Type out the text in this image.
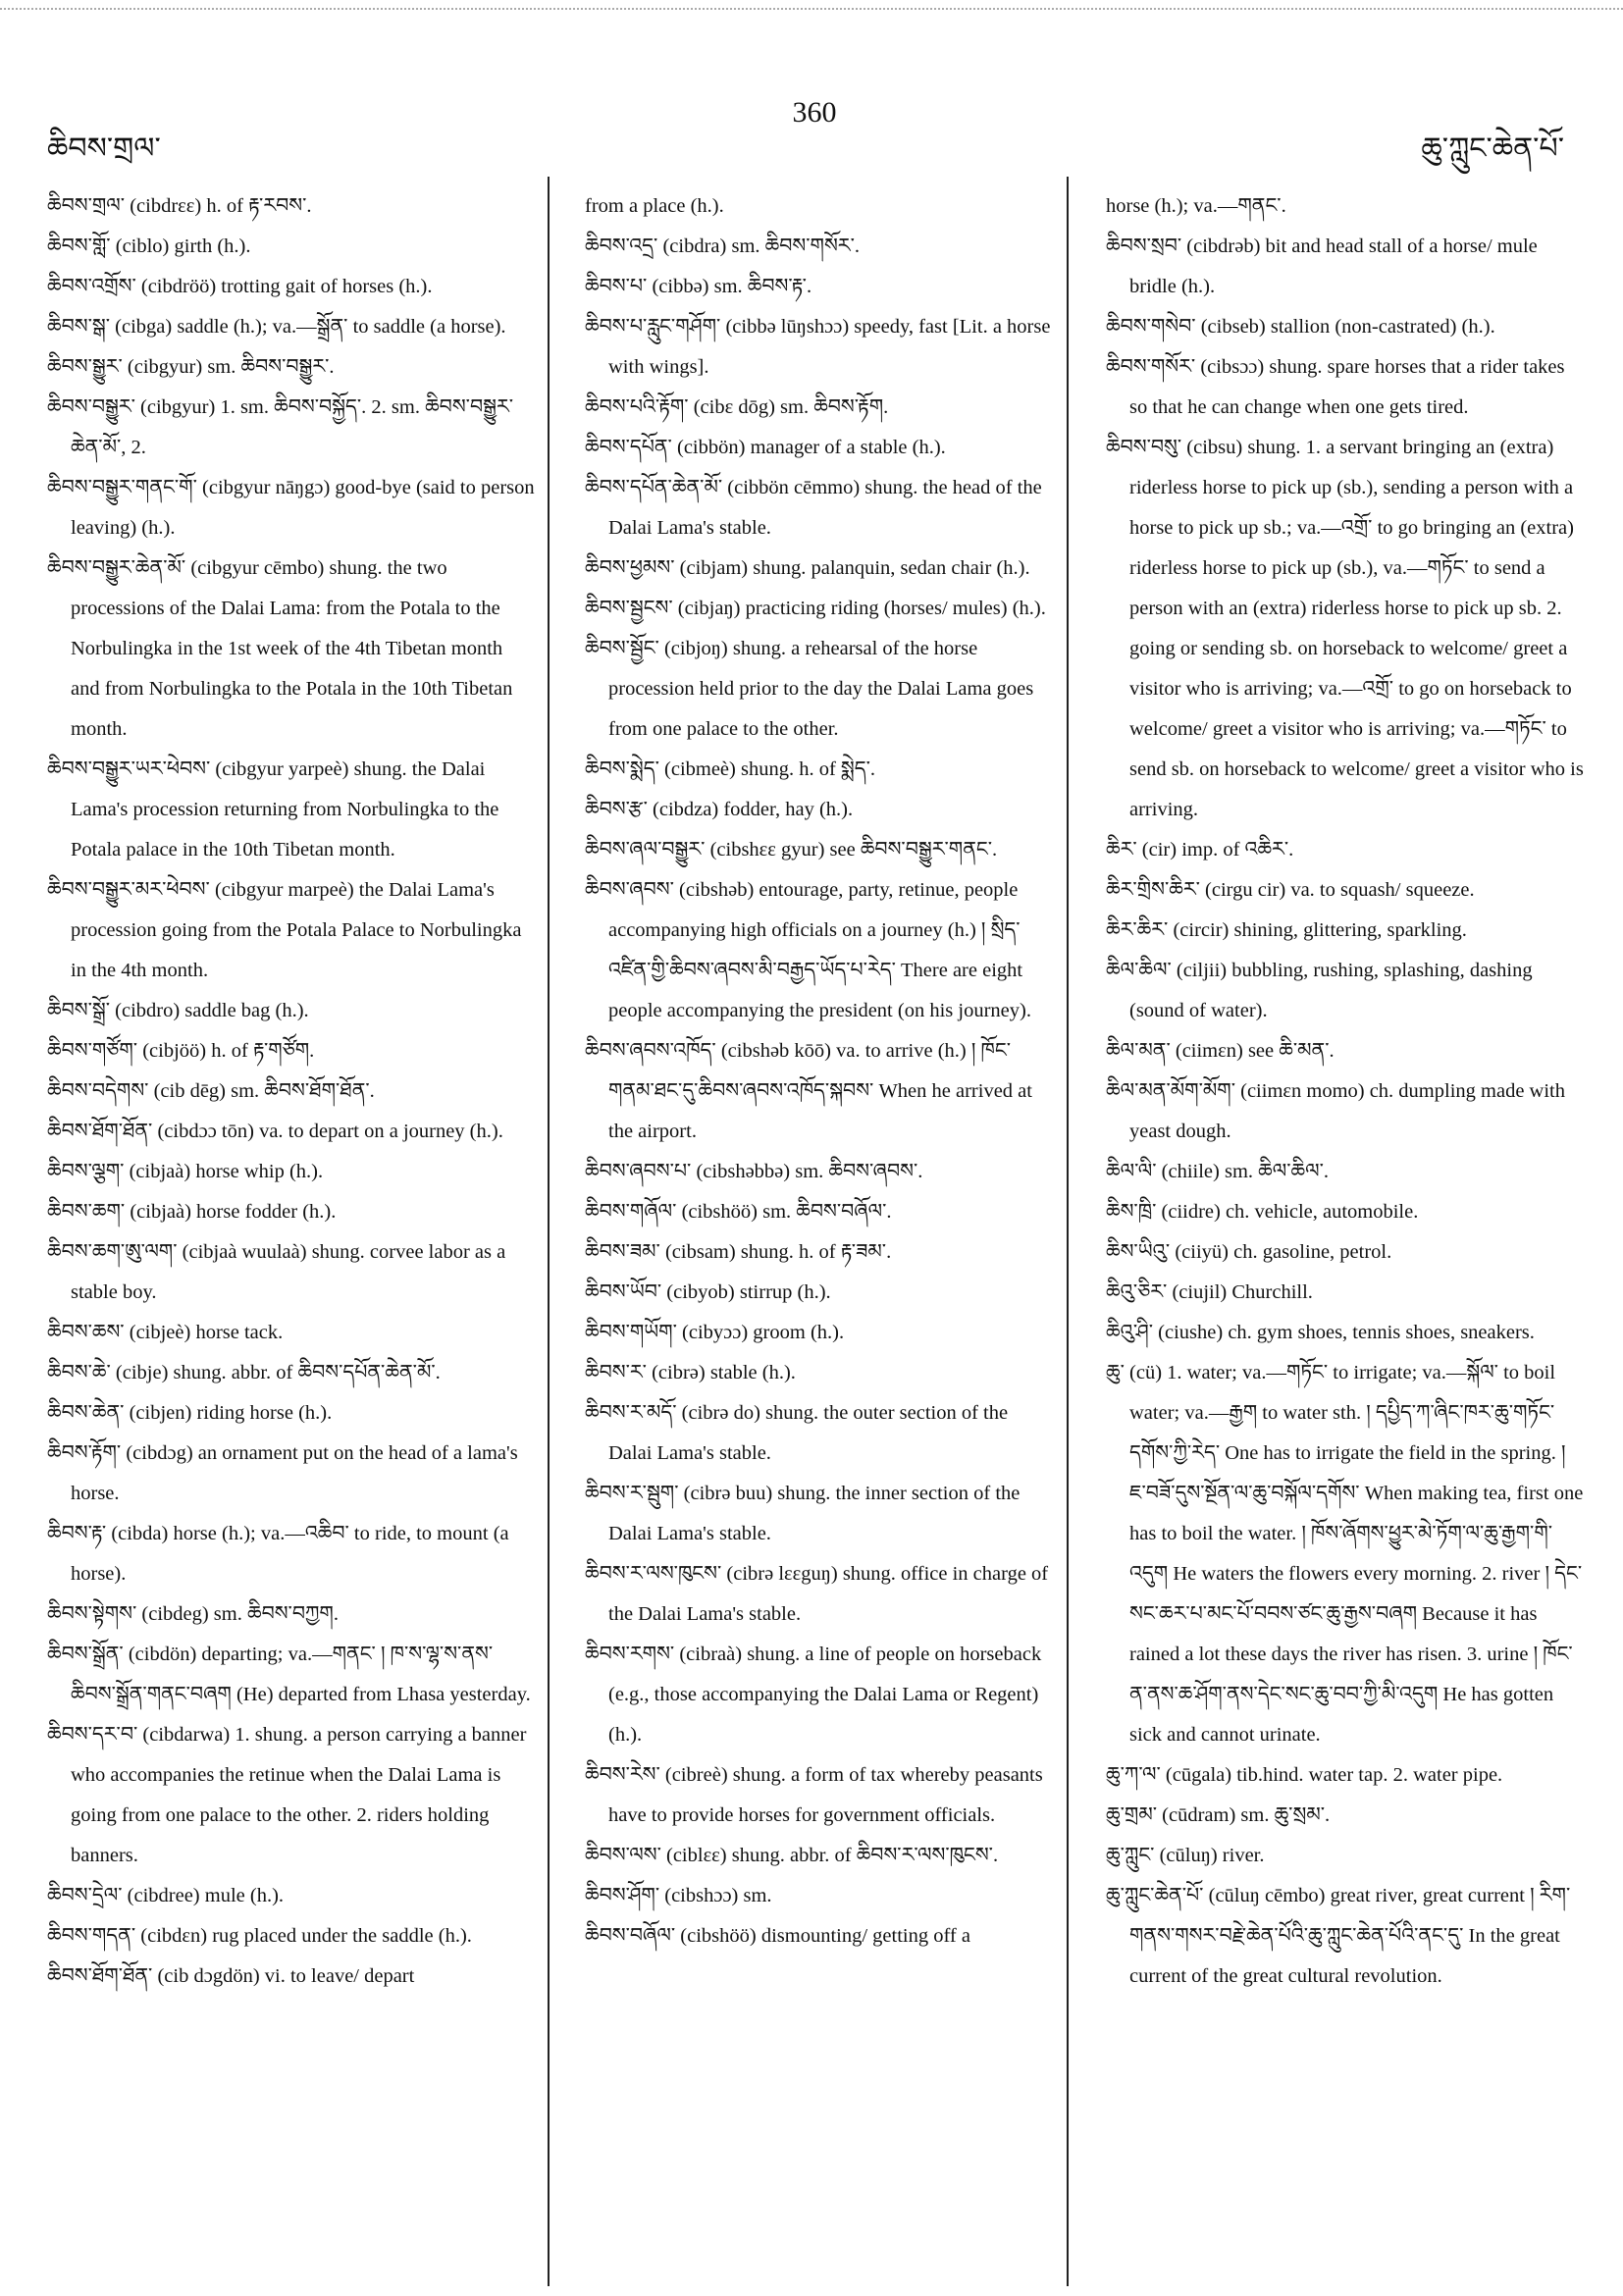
ཆིབས་གྲལ་
360
ཆུ་ཀླུང་ཆེན་པོ་

ཆིབས་གྲལ་ (cibdrɛɛ) h. of རྟ་རབས་.

ཆིབས་གློ་ (ciblo) girth (h.).

ཆིབས་འགྲོས་ (cibdröö) trotting gait of horses (h.).

ཆིབས་སྒ་ (cibga) saddle (h.); va.—སྒྲོན་ to saddle (a horse).

ཆིབས་སྒྱུར་ (cibgyur) sm. ཆིབས་བསྒྱུར་.

ཆིབས་བསྒྱུར་ (cibgyur) 1. sm. ཆིབས་བསྐྱོད་. 2. sm. ཆིབས་བསྒྱུར་ཆེན་མོ་, 2.

ཆིབས་བསྒྱུར་གནང་གོ་ (cibgyur nāŋgɔ) good-bye (said to person leaving) (h.).

ཆིབས་བསྒྱུར་ཆེན་མོ་ (cibgyur cēmbo) shung. the two processions of the Dalai Lama: from the Potala to the Norbulingka in the 1st week of the 4th Tibetan month and from Norbulingka to the Potala in the 10th Tibetan month.

ཆིབས་བསྒྱུར་ཡར་ཕེབས་ (cibgyur yarpeè) shung. the Dalai Lama's procession returning from Norbulingka to the Potala palace in the 10th Tibetan month.

ཆིབས་བསྒྱུར་མར་ཕེབས་ (cibgyur marpeè) the Dalai Lama's procession going from the Potala Palace to Norbulingka in the 4th month.

ཆིབས་སྒྲོ་ (cibdro) saddle bag (h.).

ཆིབས་གཙོག་ (cibjöö) h. of རྟ་གཙོག.

ཆིབས་བདེགས་ (cib dēg) sm. ཆིབས་ཐོག་ཐོན་.

ཆིབས་ཐོག་ཐོན་ (cibdɔɔ tōn) va. to depart on a journey (h.).

ཆིབས་ལྕག་ (cibjaà) horse whip (h.).

ཆིབས་ཆག་ (cibjaà) horse fodder (h.).

ཆིབས་ཆག་ཨུ་ལག་ (cibjaà wuulaà) shung. corvee labor as a stable boy.

ཆིབས་ཆས་ (cibjeè) horse tack.

ཆིབས་ཆེ་ (cibje) shung. abbr. of ཆིབས་དཔོན་ཆེན་མོ་.

ཆིབས་ཆེན་ (cibjen) riding horse (h.).

ཆིབས་རྟོག་ (cibdɔg) an ornament put on the head of a lama's horse.

ཆིབས་རྟ་ (cibda) horse (h.); va.—འཆིབ་ to ride, to mount (a horse).

ཆིབས་སྟེགས་ (cibdeg) sm. ཆིབས་བཀྱག.

ཆིབས་སྒྲོན་ (cibdön) departing; va.—གནང་ ། ཁ་ས་ལྷ་ས་ནས་ཆིབས་སྒྲོན་གནང་བཞག (He) departed from Lhasa yesterday.

ཆིབས་དར་བ་ (cibdarwa) 1. shung. a person carrying a banner who accompanies the retinue when the Dalai Lama is going from one palace to the other. 2. riders holding banners.

ཆིབས་དྲེལ་ (cibdree) mule (h.).

ཆིབས་གདན་ (cibdɛn) rug placed under the saddle (h.).

ཆིབས་ཐོག་ཐོན་ (cib dɔgdön) vi. to leave/ depart

from a place (h.).

ཆིབས་འདྲ་ (cibdra) sm. ཆིབས་གསོར་.

ཆིབས་པ་ (cibbə) sm. ཆིབས་རྟ་.

ཆིབས་པ་རླུང་གཤོག་ (cibbə lūŋshɔɔ) speedy, fast [Lit. a horse with wings].

ཆིབས་པའི་རྟོག་ (cibɛ dōg) sm. ཆིབས་རྟོག.

ཆིབས་དཔོན་ (cibbön) manager of a stable (h.).

ཆིབས་དཔོན་ཆེན་མོ་ (cibbön cēmmo) shung. the head of the Dalai Lama's stable.

ཆིབས་ཕྱམས་ (cibjam) shung. palanquin, sedan chair (h.).

ཆིབས་སྦྱངས་ (cibjaŋ) practicing riding (horses/ mules) (h.).

ཆིབས་སྦྱོང་ (cibjoŋ) shung. a rehearsal of the horse procession held prior to the day the Dalai Lama goes from one palace to the other.

ཆིབས་སྨེད་ (cibmeè) shung. h. of སྨེད་.

ཆིབས་རྩ་ (cibdza) fodder, hay (h.).

ཆིབས་ཞལ་བསྒྱུར་ (cibshɛɛ gyur) see ཆིབས་བསྒྱུར་གནང་.

ཆིབས་ཞབས་ (cibshəb) entourage, party, retinue, people accompanying high officials on a journey (h.) ། སྲིད་འཛིན་གྱི་ཆིབས་ཞབས་མི་བརྒྱད་ཡོད་པ་རེད་ There are eight people accompanying the president (on his journey).

ཆིབས་ཞབས་འཁོད་ (cibshəb kōō) va. to arrive (h.) ། ཁོང་གནམ་ཐང་དུ་ཆིབས་ཞབས་འཁོད་སྐབས་ When he arrived at the airport.

ཆིབས་ཞབས་པ་ (cibshəbbə) sm. ཆིབས་ཞབས་.

ཆིབས་གཞོལ་ (cibshöö) sm. ཆིབས་བཞོལ་.

ཆིབས་ཟམ་ (cibsam) shung. h. of རྟ་ཟམ་.

ཆིབས་ཡོབ་ (cibyob) stirrup (h.).

ཆིབས་གཡོག་ (cibyɔɔ) groom (h.).

ཆིབས་ར་ (cibrə) stable (h.).

ཆིབས་ར་མདོ་ (cibrə do) shung. the outer section of the Dalai Lama's stable.

ཆིབས་ར་སྦུག་ (cibrə buu) shung. the inner section of the Dalai Lama's stable.

ཆིབས་ར་ལས་ཁུངས་ (cibrə lɛɛguŋ) shung. office in charge of the Dalai Lama's stable.

ཆིབས་རགས་ (cibraà) shung. a line of people on horseback (e.g., those accompanying the Dalai Lama or Regent) (h.).

ཆིབས་རེས་ (cibreè) shung. a form of tax whereby peasants have to provide horses for government officials.

ཆིབས་ལས་ (ciblɛɛ) shung. abbr. of ཆིབས་ར་ལས་ཁུངས་.

ཆིབས་ཤོག་ (cibshɔɔ) sm.

ཆིབས་བཞོལ་ (cibshöö) dismounting/ getting off a

horse (h.); va.—གནང་.

ཆིབས་སྲབ་ (cibdrəb) bit and head stall of a horse/ mule bridle (h.).

ཆིབས་གསེབ་ (cibseb) stallion (non-castrated) (h.).

ཆིབས་གསོར་ (cibsɔɔ) shung. spare horses that a rider takes so that he can change when one gets tired.

ཆིབས་བསུ་ (cibsu) shung. 1. a servant bringing an (extra) riderless horse to pick up (sb.), sending a person with a horse to pick up sb.; va.—འགྲོ་ to go bringing an (extra) riderless horse to pick up (sb.), va.—གཏོང་ to send a person with an (extra) riderless horse to pick up sb. 2. going or sending sb. on horseback to welcome/ greet a visitor who is arriving; va.—འགྲོ་ to go on horseback to welcome/ greet a visitor who is arriving; va.—གཏོང་ to send sb. on horseback to welcome/ greet a visitor who is arriving.

ཆིར་ (cir) imp. of འཆིར་.

ཆིར་གྲིས་ཆིར་ (cirgu cir) va. to squash/ squeeze.

ཆིར་ཆིར་ (circir) shining, glittering, sparkling.

ཆིལ་ཆིལ་ (ciljii) bubbling, rushing, splashing, dashing (sound of water).

ཆིལ་མན་ (ciimɛn) see ཆི་མན་.

ཆིལ་མན་མོག་མོག་ (ciimɛn momo) ch. dumpling made with yeast dough.

ཆིལ་ལི་ (chiile) sm. ཆིལ་ཆིལ་.

ཆིས་ཁྲི་ (ciidre) ch. vehicle, automobile.

ཆིས་ཡིའུ་ (ciiyü) ch. gasoline, petrol.

ཆིའུ་ཅིར་ (ciujil) Churchill.

ཆིའུ་ཤི་ (ciushe) ch. gym shoes, tennis shoes, sneakers.

ཆུ་ (cü) 1. water; va.—གཏོང་ to irrigate; va.—སྐོལ་ to boil water; va.—རྒྱག to water sth. ། དཔྱིད་ཀ་ཞིང་ཁར་ཆུ་གཏོང་དགོས་ཀྱི་རེད་ One has to irrigate the field in the spring. ། ཇ་བཟོ་དུས་སྔོན་ལ་ཆུ་བསྐོལ་དགོས་ When making tea, first one has to boil the water. ། ཁོས་ཞོགས་ཕྱུར་མེ་ཏོག་ལ་ཆུ་རྒྱག་གི་འདུག He waters the flowers every morning. 2. river ། དེང་སང་ཆར་པ་མང་པོ་བབས་ཙང་ཆུ་རྒྱས་བཞག Because it has rained a lot these days the river has risen. 3. urine ། ཁོང་ན་ནས་ཆ་ཤོག་ནས་དེང་སང་ཆུ་བབ་ཀྱི་མི་འདུག He has gotten sick and cannot urinate.

ཆུ་ཀ་ལ་ (cūgala) tib.hind. water tap. 2. water pipe.

ཆུ་གྲམ་ (cūdram) sm. ཆུ་སྲམ་.

ཆུ་ཀླུང་ (cūluŋ) river.

ཆུ་ཀླུང་ཆེན་པོ་ (cūluŋ cēmbo) great river, great current ། རིག་གནས་གསར་བརྗེ་ཆེན་པོའི་ཆུ་ཀླུང་ཆེན་པོའི་ནང་དུ་ In the great current of the great cultural revolution.
